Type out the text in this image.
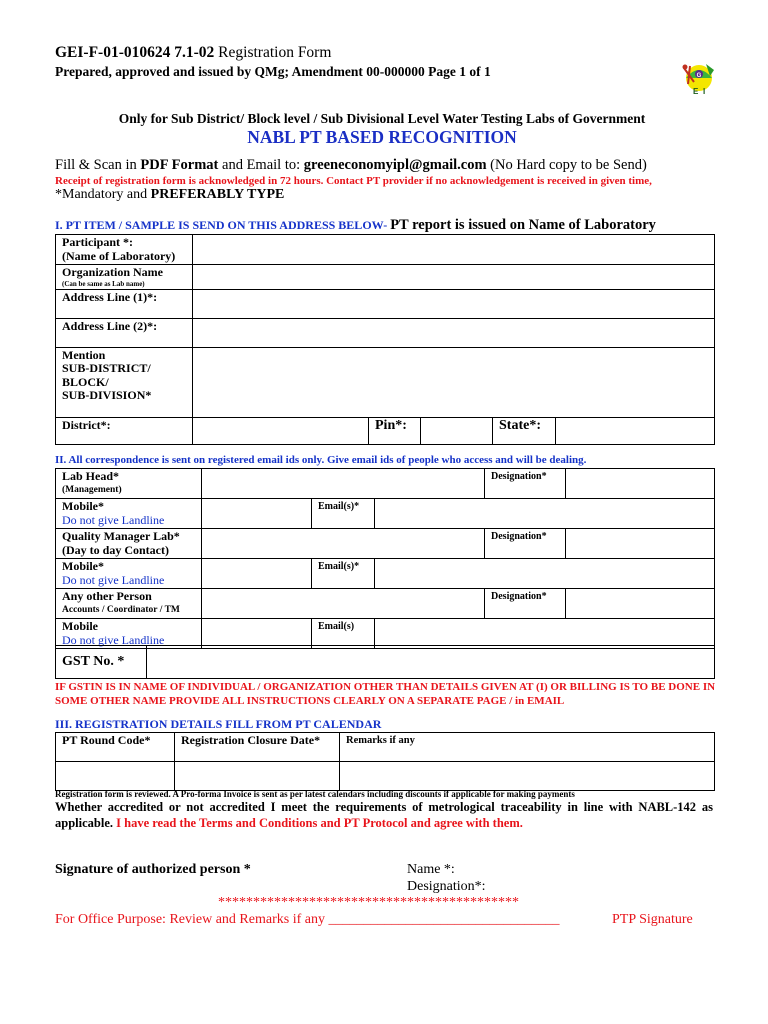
GEI-F-01-010624 7.1-02 Registration Form
Prepared, approved and issued by QMg; Amendment 00-000000 Page 1 of 1	G
E I
Only for Sub District/ Block level / Sub Divisional Level Water Testing Labs of Government
NABL PT BASED RECOGNITION
Fill & Scan in PDF Format and Email to: greeneconomyipl@gmail.com (No Hard copy to be Send)
Receipt of registration form is acknowledged in 72 hours. Contact PT provider if no acknowledgement is received in given time,
*Mandatory and PREFERABLY TYPE
I. PT ITEM / SAMPLE IS SEND ON THIS ADDRESS BELOW- PT report is issued on Name of Laboratory
Participant *:
(Name of Laboratory)					
Organization Name
(Can be same as Lab name)					

Address Line (1)*:					
Address Line (2)*:					
Mention
SUB-DISTRICT/
BLOCK/
SUB-DIVISION*					
District*:		Pin*:		State*:	
II. All correspondence is sent on registered email ids only. Give email ids of people who access and will be dealing.
Lab Head*
(Management)				Designation*	
Mobile*
Do not give Landline		Email(s)*			
Quality Manager Lab*
(Day to day Contact)				Designation*	
Mobile*
Do not give Landline		Email(s)*			
Any other Person
Accounts / Coordinator / TM				Designation*	
Mobile
Do not give Landline		Email(s)			
GST No. *	
IF GSTIN IS IN NAME OF INDIVIDUAL / ORGANIZATION OTHER THAN DETAILS GIVEN AT (I) OR BILLING IS TO BE DONE IN SOME OTHER NAME PROVIDE ALL INSTRUCTIONS CLEARLY ON A SEPARATE PAGE / in EMAIL
III. REGISTRATION DETAILS FILL FROM PT CALENDAR
PT Round Code*	Registration Closure Date*	Remarks if any

Registration form is reviewed. A Pro-forma Invoice is sent as per latest calendars including discounts if applicable for making payments
Whether accredited or not accredited I meet the requirements of metrological traceability in line with NABL-142 as applicable. I have read the Terms and Conditions and PT Protocol and agree with them.
Signature of authorized person *	Name *:
Designation*:
*******************************************
For Office Purpose: Review and Remarks if any _________________________________	PTP Signature
